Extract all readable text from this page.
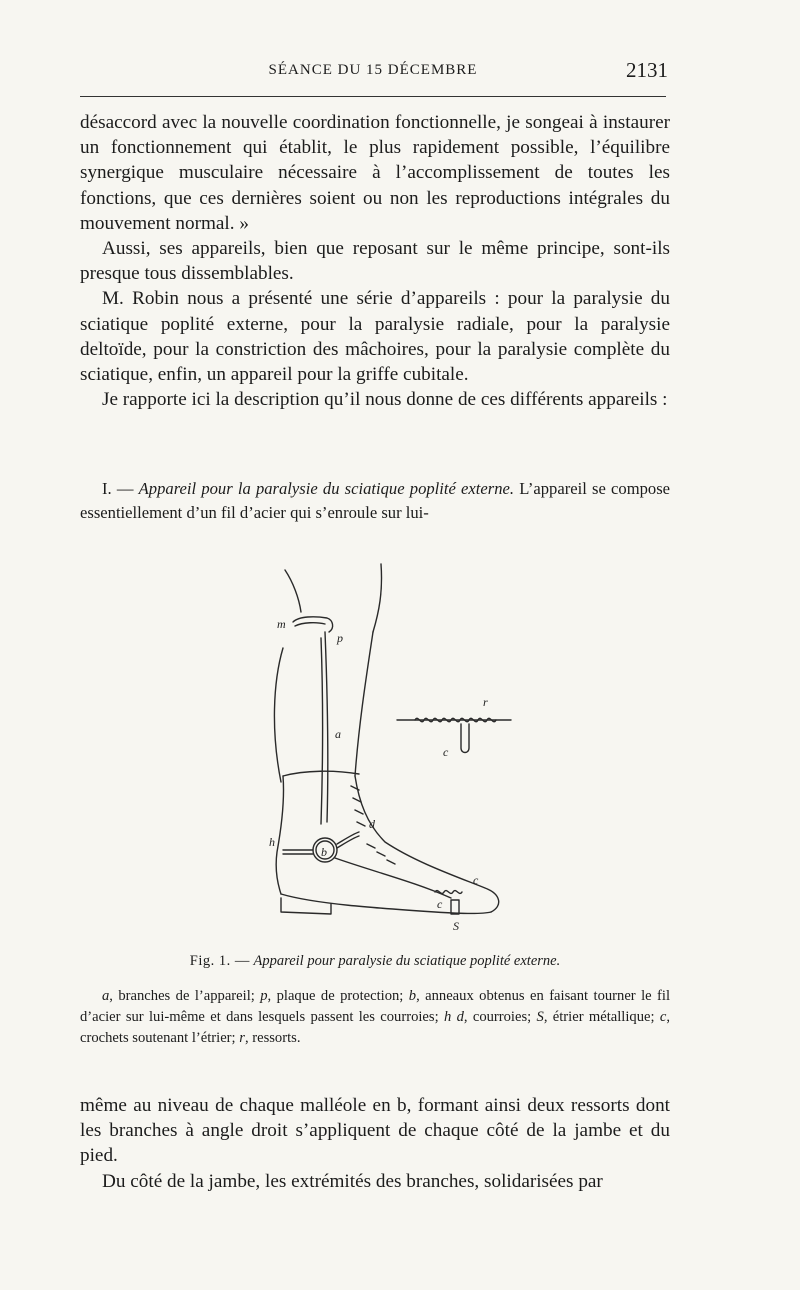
SÉANCE DU 15 DÉCEMBRE	2131

désaccord avec la nouvelle coordination fonctionnelle, je songeai à instaurer un fonctionnement qui établit, le plus rapidement possible, l’équilibre synergique musculaire nécessaire à l’accomplissement de toutes les fonctions, que ces dernières soient ou non les reproductions intégrales du mouvement normal. »

Aussi, ses appareils, bien que reposant sur le même principe, sont-ils presque tous dissemblables.

M. Robin nous a présenté une série d’appareils : pour la paralysie du sciatique poplité externe, pour la paralysie radiale, pour la paralysie deltoïde, pour la constriction des mâchoires, pour la paralysie complète du sciatique, enfin, un appareil pour la griffe cubitale.

Je rapporte ici la description qu’il nous donne de ces différents appareils :

I. — Appareil pour la paralysie du sciatique poplité externe. L’appareil se compose essentiellement d’un fil d’acier qui s’enroule sur lui-

m
p
a
r
c
d
h
b
c
c
S
Fig. 1. — Appareil pour paralysie du sciatique poplité externe.

a, branches de l’appareil; p, plaque de protection; b, anneaux obtenus en faisant tourner le fil d’acier sur lui-même et dans lesquels passent les courroies; h d, courroies; S, étrier métallique; c, crochets soutenant l’étrier; r, ressorts.

même au niveau de chaque malléole en b, formant ainsi deux ressorts dont les branches à angle droit s’appliquent de chaque côté de la jambe et du pied.

Du côté de la jambe, les extrémités des branches, solidarisées par
